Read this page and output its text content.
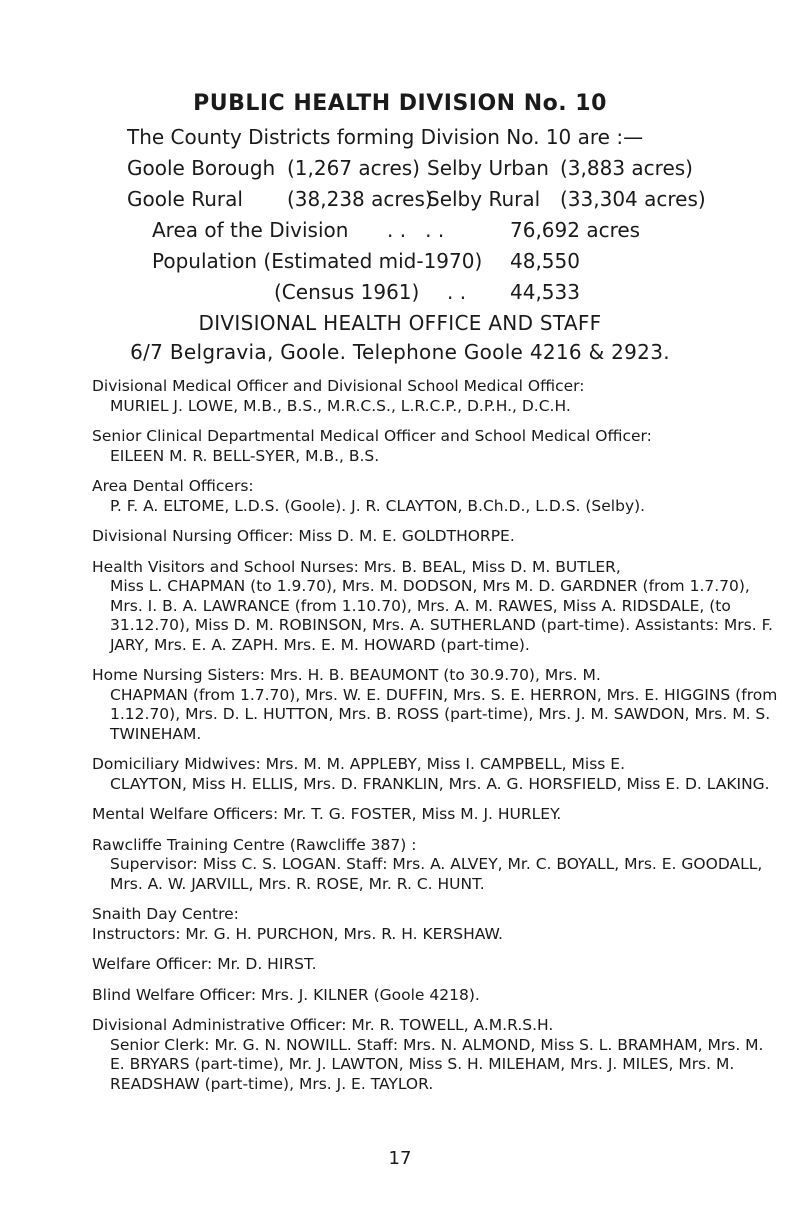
PUBLIC HEALTH DIVISION No. 10
The County Districts forming Division No. 10 are :—
Goole Borough (1,267 acres) Selby Urban (3,883 acres)
Goole Rural (38,238 acres)
Selby Rural (33,304 acres)
Area of the Division . .   . .	76,692 acres
Population (Estimated mid-1970) 48,550
(Census 1961) . . 44,533
DIVISIONAL HEALTH OFFICE AND STAFF
6/7 Belgravia, Goole. Telephone Goole 4216 & 2923.

Divisional Medical Officer and Divisional School Medical Officer:

MURIEL J. LOWE, M.B., B.S., M.R.C.S., L.R.C.P., D.P.H., D.C.H.

Senior Clinical Departmental Medical Officer and School Medical Officer:

EILEEN M. R. BELL-SYER, M.B., B.S.

Area Dental Officers:

P. F. A. ELTOME, L.D.S. (Goole). J. R. CLAYTON, B.Ch.D., L.D.S. (Selby).

Divisional Nursing Officer: Miss D. M. E. GOLDTHORPE.

Health Visitors and School Nurses: Mrs. B. BEAL, Miss D. M. BUTLER,

Miss L. CHAPMAN (to 1.9.70), Mrs. M. DODSON, Mrs M. D. GARDNER (from 1.7.70), Mrs. I. B. A. LAWRANCE (from 1.10.70), Mrs. A. M. RAWES, Miss A. RIDSDALE, (to 31.12.70), Miss D. M. ROBINSON, Mrs. A. SUTHERLAND (part-time). Assistants: Mrs. F. JARY, Mrs. E. A. ZAPH. Mrs. E. M. HOWARD (part-time).

Home Nursing Sisters: Mrs. H. B. BEAUMONT (to 30.9.70), Mrs. M.

CHAPMAN (from 1.7.70), Mrs. W. E. DUFFIN, Mrs. S. E. HERRON, Mrs. E. HIGGINS (from 1.12.70), Mrs. D. L. HUTTON, Mrs. B. ROSS (part-time), Mrs. J. M. SAWDON, Mrs. M. S. TWINEHAM.

Domiciliary Midwives: Mrs. M. M. APPLEBY, Miss I. CAMPBELL, Miss E.

CLAYTON, Miss H. ELLIS, Mrs. D. FRANKLIN, Mrs. A. G. HORSFIELD, Miss E. D. LAKING.

Mental Welfare Officers: Mr. T. G. FOSTER, Miss M. J. HURLEY.

Rawcliffe Training Centre (Rawcliffe 387) :

Supervisor: Miss C. S. LOGAN. Staff: Mrs. A. ALVEY, Mr. C. BOYALL, Mrs. E. GOODALL, Mrs. A. W. JARVILL, Mrs. R. ROSE, Mr. R. C. HUNT.

Snaith Day Centre:

Instructors: Mr. G. H. PURCHON, Mrs. R. H. KERSHAW.

Welfare Officer: Mr. D. HIRST.

Blind Welfare Officer: Mrs. J. KILNER (Goole 4218).

Divisional Administrative Officer: Mr. R. TOWELL, A.M.R.S.H.

Senior Clerk: Mr. G. N. NOWILL. Staff: Mrs. N. ALMOND, Miss S. L. BRAMHAM, Mrs. M. E. BRYARS (part-time), Mr. J. LAWTON, Miss S. H. MILEHAM, Mrs. J. MILES, Mrs. M. READSHAW (part-time), Mrs. J. E. TAYLOR.

17
